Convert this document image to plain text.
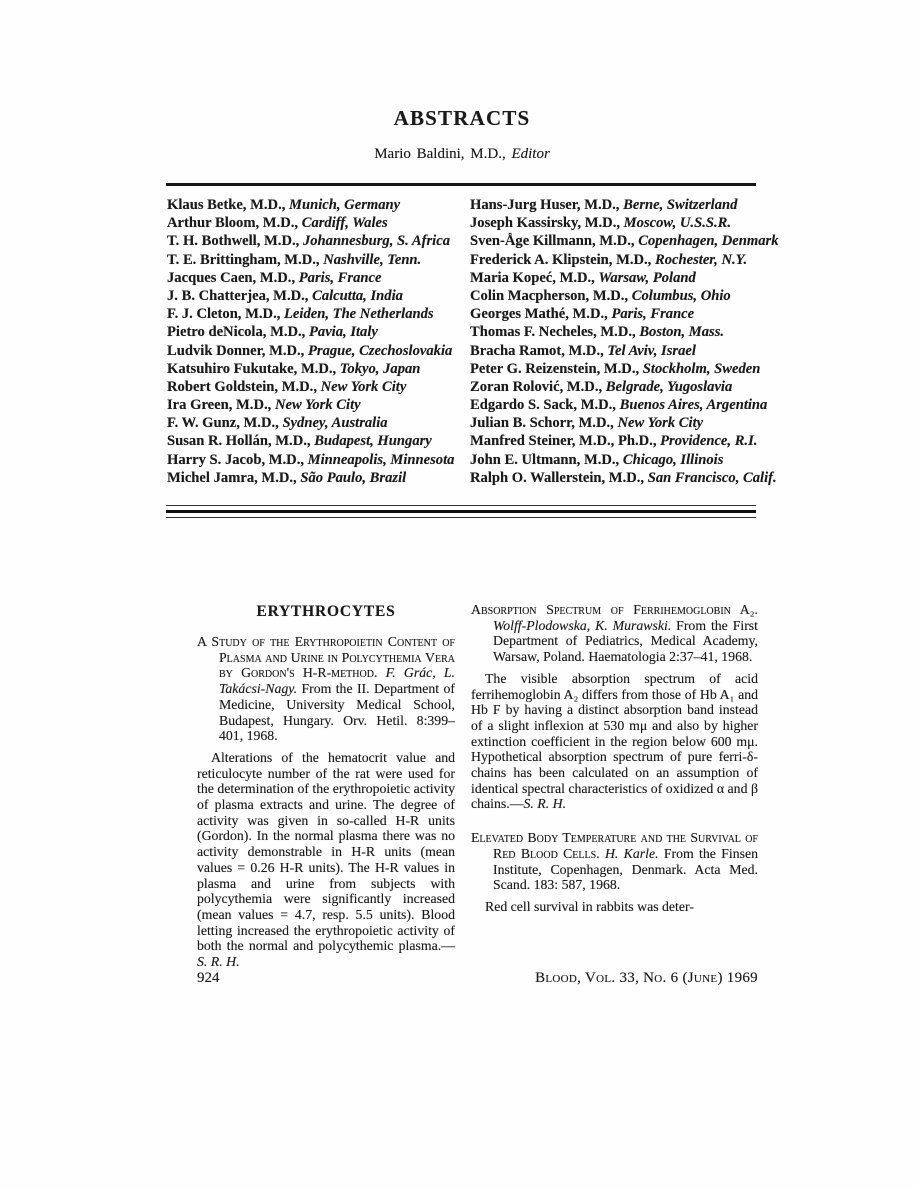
ABSTRACTS
Mario Baldini, M.D., Editor
Klaus Betke, M.D., Munich, Germany
Arthur Bloom, M.D., Cardiff, Wales
T. H. Bothwell, M.D., Johannesburg, S. Africa
T. E. Brittingham, M.D., Nashville, Tenn.
Jacques Caen, M.D., Paris, France
J. B. Chatterjea, M.D., Calcutta, India
F. J. Cleton, M.D., Leiden, The Netherlands
Pietro deNicola, M.D., Pavia, Italy
Ludvik Donner, M.D., Prague, Czechoslovakia
Katsuhiro Fukutake, M.D., Tokyo, Japan
Robert Goldstein, M.D., New York City
Ira Green, M.D., New York City
F. W. Gunz, M.D., Sydney, Australia
Susan R. Hollán, M.D., Budapest, Hungary
Harry S. Jacob, M.D., Minneapolis, Minnesota
Michel Jamra, M.D., São Paulo, Brazil
Hans-Jurg Huser, M.D., Berne, Switzerland
Joseph Kassirsky, M.D., Moscow, U.S.S.R.
Sven-Åge Killmann, M.D., Copenhagen, Denmark
Frederick A. Klipstein, M.D., Rochester, N.Y.
Maria Kopeć, M.D., Warsaw, Poland
Colin Macpherson, M.D., Columbus, Ohio
Georges Mathé, M.D., Paris, France
Thomas F. Necheles, M.D., Boston, Mass.
Bracha Ramot, M.D., Tel Aviv, Israel
Peter G. Reizenstein, M.D., Stockholm, Sweden
Zoran Rolović, M.D., Belgrade, Yugoslavia
Edgardo S. Sack, M.D., Buenos Aires, Argentina
Julian B. Schorr, M.D., New York City
Manfred Steiner, M.D., Ph.D., Providence, R.I.
John E. Ultmann, M.D., Chicago, Illinois
Ralph O. Wallerstein, M.D., San Francisco, Calif.
ERYTHROCYTES

A Study of the Erythropoietin Content of Plasma and Urine in Polycythemia Vera by Gordon's H-R-method. F. Grác, L. Takácsi-Nagy. From the II. Department of Medicine, University Medical School, Budapest, Hungary. Orv. Hetil. 8:399–401, 1968.

Alterations of the hematocrit value and reticulocyte number of the rat were used for the determination of the erythropoietic activity of plasma extracts and urine. The degree of activity was given in so-called H-R units (Gordon). In the normal plasma there was no activity demonstrable in H-R units (mean values = 0.26 H-R units). The H-R values in plasma and urine from subjects with polycythemia were significantly increased (mean values = 4.7, resp. 5.5 units). Blood letting increased the erythropoietic activity of both the normal and polycythemic plasma.—S. R. H.

Absorption Spectrum of Ferrihemoglobin A₂. Wolff-Plodowska, K. Murawski. From the First Department of Pediatrics, Medical Academy, Warsaw, Poland. Haematologia 2:37–41, 1968.

The visible absorption spectrum of acid ferrihemoglobin A₂ differs from those of Hb A₁ and Hb F by having a distinct absorption band instead of a slight inflexion at 530 mμ and also by higher extinction coefficient in the region below 600 mμ. Hypothetical absorption spectrum of pure ferri-δ-chains has been calculated on an assumption of identical spectral characteristics of oxidized α and β chains.—S. R. H.

Elevated Body Temperature and the Survival of Red Blood Cells. H. Karle. From the Finsen Institute, Copenhagen, Denmark. Acta Med. Scand. 183: 587, 1968.

Red cell survival in rabbits was deter-

924	Blood, Vol. 33, No. 6 (June) 1969
